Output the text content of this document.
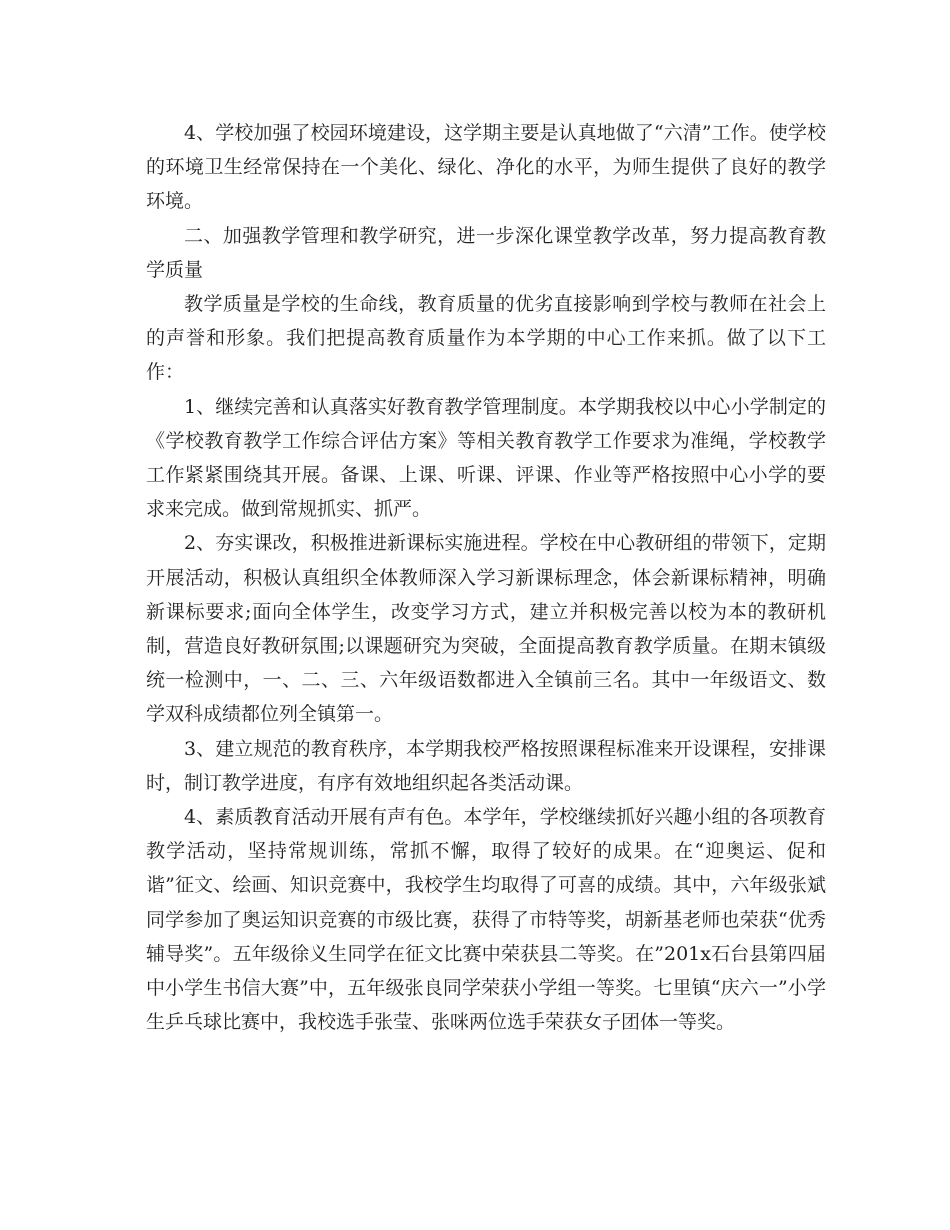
4、学校加强了校园环境建设，这学期主要是认真地做了“六清”工作。使学校的环境卫生经常保持在一个美化、绿化、净化的水平，为师生提供了良好的教学环境。

二、加强教学管理和教学研究，进一步深化课堂教学改革，努力提高教育教学质量

教学质量是学校的生命线，教育质量的优劣直接影响到学校与教师在社会上的声誉和形象。我们把提高教育质量作为本学期的中心工作来抓。做了以下工作：

1、继续完善和认真落实好教育教学管理制度。本学期我校以中心小学制定的《学校教育教学工作综合评估方案》等相关教育教学工作要求为准绳，学校教学工作紧紧围绕其开展。备课、上课、听课、评课、作业等严格按照中心小学的要求来完成。做到常规抓实、抓严。

2、夯实课改，积极推进新课标实施进程。学校在中心教研组的带领下，定期开展活动，积极认真组织全体教师深入学习新课标理念，体会新课标精神，明确新课标要求;面向全体学生，改变学习方式，建立并积极完善以校为本的教研机制，营造良好教研氛围;以课题研究为突破，全面提高教育教学质量。在期末镇级统一检测中，一、二、三、六年级语数都进入全镇前三名。其中一年级语文、数学双科成绩都位列全镇第一。

3、建立规范的教育秩序，本学期我校严格按照课程标准来开设课程，安排课时，制订教学进度，有序有效地组织起各类活动课。

4、素质教育活动开展有声有色。本学年，学校继续抓好兴趣小组的各项教育教学活动，坚持常规训练，常抓不懈，取得了较好的成果。在“迎奥运、促和谐”征文、绘画、知识竞赛中，我校学生均取得了可喜的成绩。其中，六年级张斌同学参加了奥运知识竞赛的市级比赛，获得了市特等奖，胡新基老师也荣获“优秀辅导奖”。五年级徐义生同学在征文比赛中荣获县二等奖。在”201x石台县第四届中小学生书信大赛”中，五年级张良同学荣获小学组一等奖。七里镇“庆六一”小学生乒乓球比赛中，我校选手张莹、张咪两位选手荣获女子团体一等奖。
